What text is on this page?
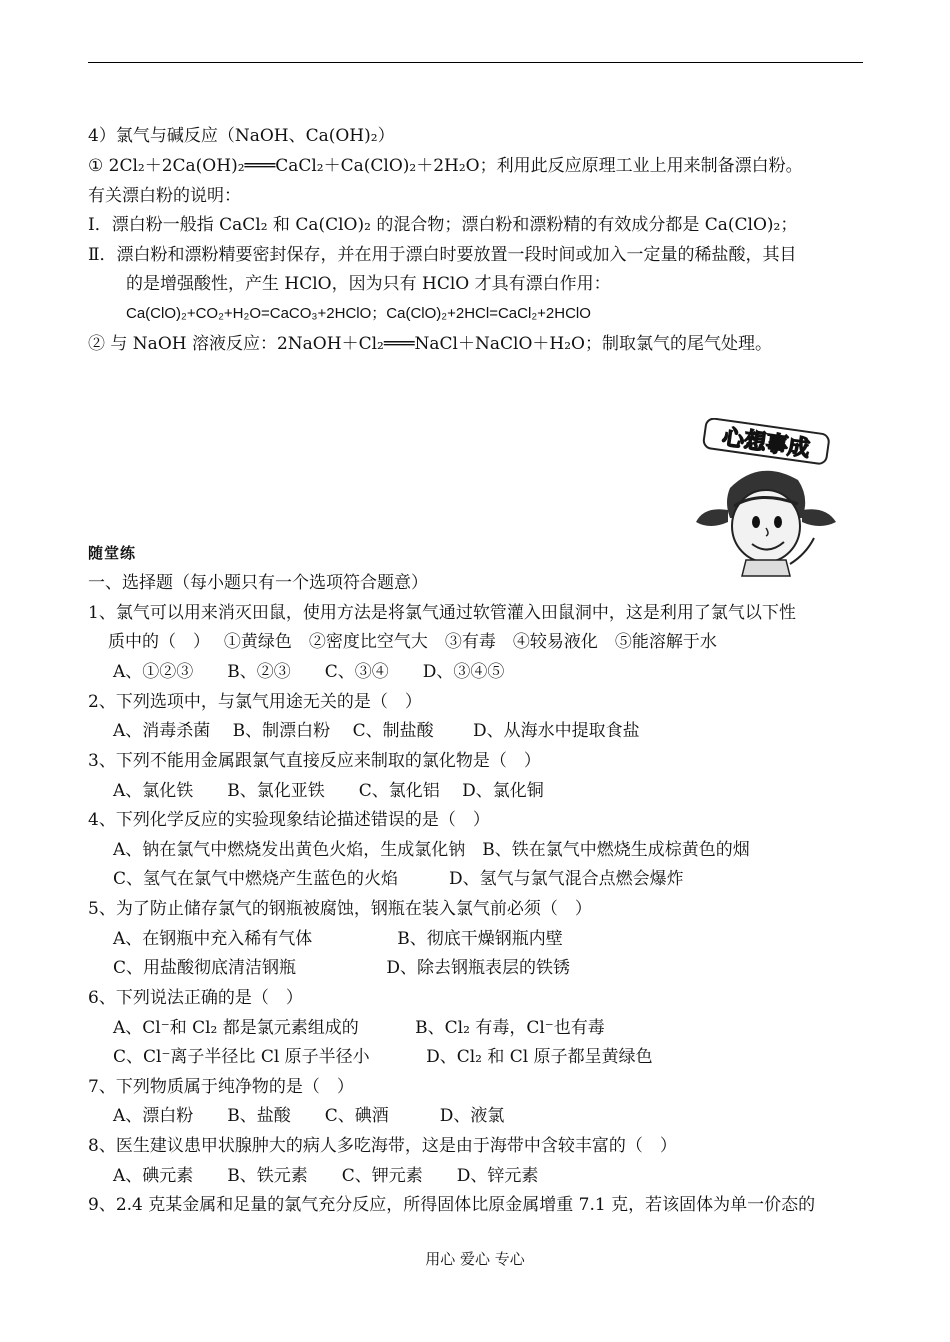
4）氯气与碱反应（NaOH、Ca(OH)₂）
① 2Cl₂＋2Ca(OH)₂═══CaCl₂＋Ca(ClO)₂＋2H₂O；利用此反应原理工业上用来制备漂白粉。
有关漂白粉的说明：
Ⅰ．漂白粉一般指 CaCl₂ 和 Ca(ClO)₂ 的混合物；漂白粉和漂粉精的有效成分都是 Ca(ClO)₂；
Ⅱ．漂白粉和漂粉精要密封保存，并在用于漂白时要放置一段时间或加入一定量的稀盐酸，其目
的是增强酸性，产生 HClO，因为只有 HClO 才具有漂白作用：
Ca(ClO)₂+CO₂+H₂O=CaCO₃+2HClO；Ca(ClO)₂+2HCl=CaCl₂+2HClO
② 与 NaOH 溶液反应：2NaOH＋Cl₂═══NaCl＋NaClO＋H₂O；制取氯气的尾气处理。
心想事成
随堂练
一、选择题（每小题只有一个选项符合题意）
1、氯气可以用来消灭田鼠，使用方法是将氯气通过软管灌入田鼠洞中，这是利用了氯气以下性
质中的（　）　 ①黄绿色　②密度比空气大　③有毒　④较易液化　⑤能溶解于水
A、①②③　　B、②③　　C、③④　　D、③④⑤
2、下列选项中，与氯气用途无关的是（　）
A、消毒杀菌　 B、制漂白粉　 C、制盐酸　　 D、从海水中提取食盐
3、下列不能用金属跟氯气直接反应来制取的氯化物是（　）
A、氯化铁　　B、氯化亚铁　　C、氯化铝　 D、氯化铜
4、下列化学反应的实验现象结论描述错误的是（　）
A、钠在氯气中燃烧发出黄色火焰，生成氯化钠　B、铁在氯气中燃烧生成棕黄色的烟
C、氢气在氯气中燃烧产生蓝色的火焰　　　D、氢气与氯气混合点燃会爆炸
5、为了防止储存氯气的钢瓶被腐蚀，钢瓶在装入氯气前必须（　）
A、在钢瓶中充入稀有气体　　　　　B、彻底干燥钢瓶内壁
C、用盐酸彻底清洁钢瓶　　　　　 D、除去钢瓶表层的铁锈
6、下列说法正确的是（　）
A、Cl⁻和 Cl₂ 都是氯元素组成的　　　 B、Cl₂ 有毒，Cl⁻也有毒
C、Cl⁻离子半径比 Cl 原子半径小　　　 D、Cl₂ 和 Cl 原子都呈黄绿色
7、下列物质属于纯净物的是（　）
A、漂白粉　　B、盐酸　　C、碘酒　　　D、液氯
8、医生建议患甲状腺肿大的病人多吃海带，这是由于海带中含较丰富的（　）
A、碘元素　　B、铁元素　　C、钾元素　　D、锌元素
9、2.4 克某金属和足量的氯气充分反应，所得固体比原金属增重 7.1 克，若该固体为单一价态的
用心 爱心 专心
